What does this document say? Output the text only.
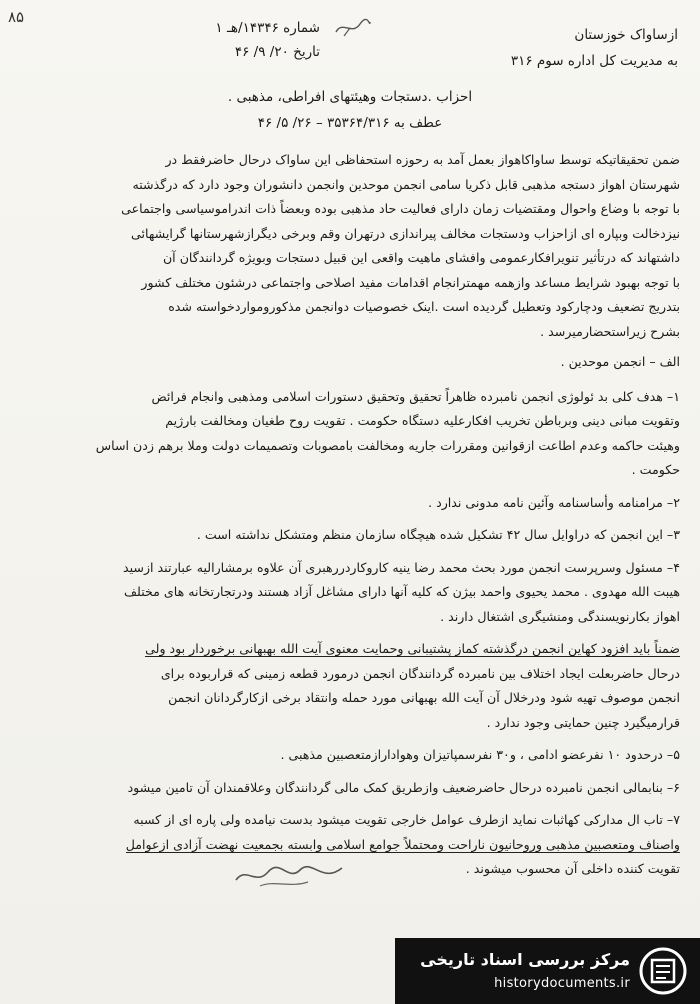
۸۵
ازساواک خوزستان
به مدیریت کل اداره سوم ۳۱۶
شماره ۱۴۳۴۶/هـ ۱
تاریخ ۲۰/ ۹/ ۴۶
احزاب .دستجات وهیئتهای افراطی، مذهبی .
عطف به ۳۵۳۶۴/۳۱۶ – ۲۶/ ۵/ ۴۶

ضمن تحقیقاتیکه توسط ساواکاهواز بعمل آمد به رحوزه استحفاظی این ساواک درحال حاضرفقط در
شهرستان اهواز دستجه مذهبی قابل ذکریا سامی انجمن موحدین وانجمن دانشوران وجود دارد که درگذشته
با توجه با وضاع واحوال ومقتضیات زمان دارای فعالیت حاد مذهبی بوده وبعضاً ذات اندراموسیاسی واجتماعی
نیزدخالت وبپاره ای ازاحزاب ودستجات مخالف پیراندازی درتهران وقم وبرخی دیگرازشهرستانها گرایشهائی
داشتهاند که درتأثیر تنویرافکارعمومی وافشای ماهیت واقعی این قبیل دستجات وبویژه گردانندگان آن
با توجه بهبود شرایط مساعد وازهمه مهمترانجام اقدامات مفید اصلاحی واجتماعی درشئون مختلف کشور
بتدریج تضعیف ودچارکود وتعطیل گردیده است .اینک خصوصیات دوانجمن مذکورومواردخواسته شده
بشرح زیراستحضارمیرسد .

الف – انجمن موحدین .

۱– هدف کلی بد ئولوژی انجمن نامبرده ظاهراً تحقیق وتحقیق دستورات اسلامی ومذهبی وانجام فرائض
وتقویت مبانی دینی وبرباطن تخریب افکارعلیه دستگاه حکومت . تقویت روح طغیان ومخالفت بارژیم
وهیئت حاکمه وعدم اطاعت ازقوانین ومقررات جاریه ومخالفت بامصوبات وتصمیمات دولت وملا برهم زدن اساس
حکومت .

۲– مرامنامه وأساسنامه وآئین نامه مدونی ندارد .

۳– این انجمن که دراوایل سال ۴۲ تشکیل شده هیچگاه سازمان منظم ومتشکل نداشته است .

۴– مسئول وسرپرست انجمن مورد بحث محمد رضا ینیه کاروکاردررهبری آن علاوه برمشارالیه عبارتند ازسید
هیبت الله مهدوی . محمد یحیوی واحمد بیژن که کلیه آنها دارای مشاغل آزاد هستند ودرتجارتخانه های مختلف
اهواز بکارنویسندگی ومنشیگری اشتغال دارند .

ضمناً باید افزود کهاین انجمن درگذشته کماز پشتیبانی وحمایت معنوی آیت الله بهبهانی برخوردار بود ولی
درحال حاضربعلت ایجاد اختلاف بین نامبرده گردانندگان انجمن درمورد قطعه زمینی که قراربوده برای
انجمن موصوف تهیه شود ودرخلال آن آیت الله بهبهانی مورد حمله وانتقاد برخی ازکارگردانان انجمن
قرارمیگیرد چنین حمایتی وجود ندارد .

۵– درحدود ۱۰ نفرعضو ادامی ، و۳۰ نفرسمپاتیزان وهوادارازمتعصبین مذهبی .

۶– بنابمالی انجمن نامبرده درحال حاضرضعیف وازطریق کمک مالی گردانندگان وعلاقمندان آن تامین میشود

۷– تاب ال مدارکی کهاثبات نماید ازطرف عوامل خارجی تقویت میشود بدست نیامده ولی پاره ای از کسبه
واصناف ومتعصبین مذهبی وروحانیون ناراحت ومحتملاً جوامع اسلامی وابسته بجمعیت نهضت آزادی ازعوامل
تقویت کننده داخلی آن محسوب میشوند .

مرکز بررسی اسناد تاریخی
historydocuments.ir
